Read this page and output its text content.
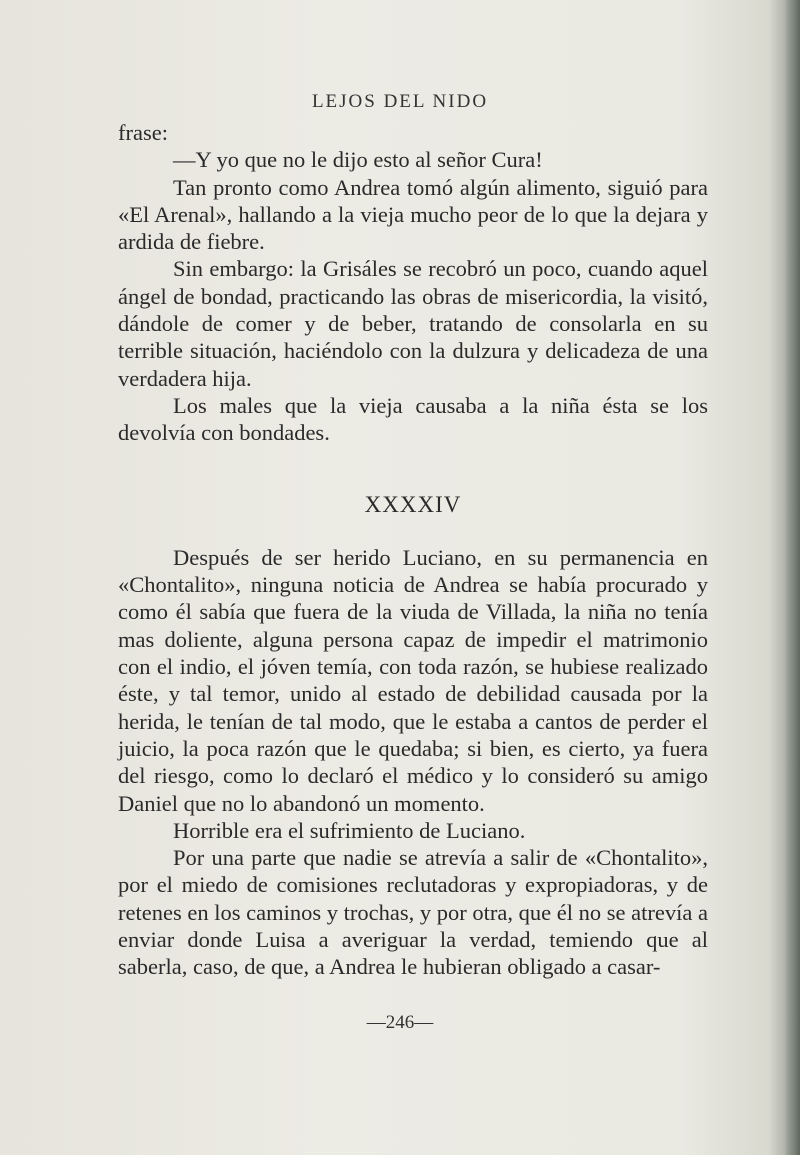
LEJOS DEL NIDO

frase:

—Y yo que no le dijo esto al señor Cura!

Tan pronto como Andrea tomó algún alimento, siguió para «El Arenal», hallando a la vieja mucho peor de lo que la dejara y ardida de fiebre.

Sin embargo: la Grisáles se recobró un poco, cuando aquel ángel de bondad, practicando las obras de misericordia, la visitó, dándole de comer y de beber, tratando de consolarla en su terrible situación, haciéndolo con la dulzura y delicadeza de una verdadera hija.

Los males que la vieja causaba a la niña ésta se los devolvía con bondades.

XXXXIV

Después de ser herido Luciano, en su permanencia en «Chontalito», ninguna noticia de Andrea se había procurado y como él sabía que fuera de la viuda de Villada, la niña no tenía mas doliente, alguna persona capaz de impedir el matrimonio con el indio, el jóven temía, con toda razón, se hubiese realizado éste, y tal temor, unido al estado de debilidad causada por la herida, le tenían de tal modo, que le estaba a cantos de perder el juicio, la poca razón que le quedaba; si bien, es cierto, ya fuera del riesgo, como lo declaró el médico y lo consideró su amigo Daniel que no lo abandonó un momento.

Horrible era el sufrimiento de Luciano.

Por una parte que nadie se atrevía a salir de «Chontalito», por el miedo de comisiones reclutadoras y expropiadoras, y de retenes en los caminos y trochas, y por otra, que él no se atrevía a enviar donde Luisa a averiguar la verdad, temiendo que al saberla, caso, de que, a Andrea le hubieran obligado a casar-

—246—
